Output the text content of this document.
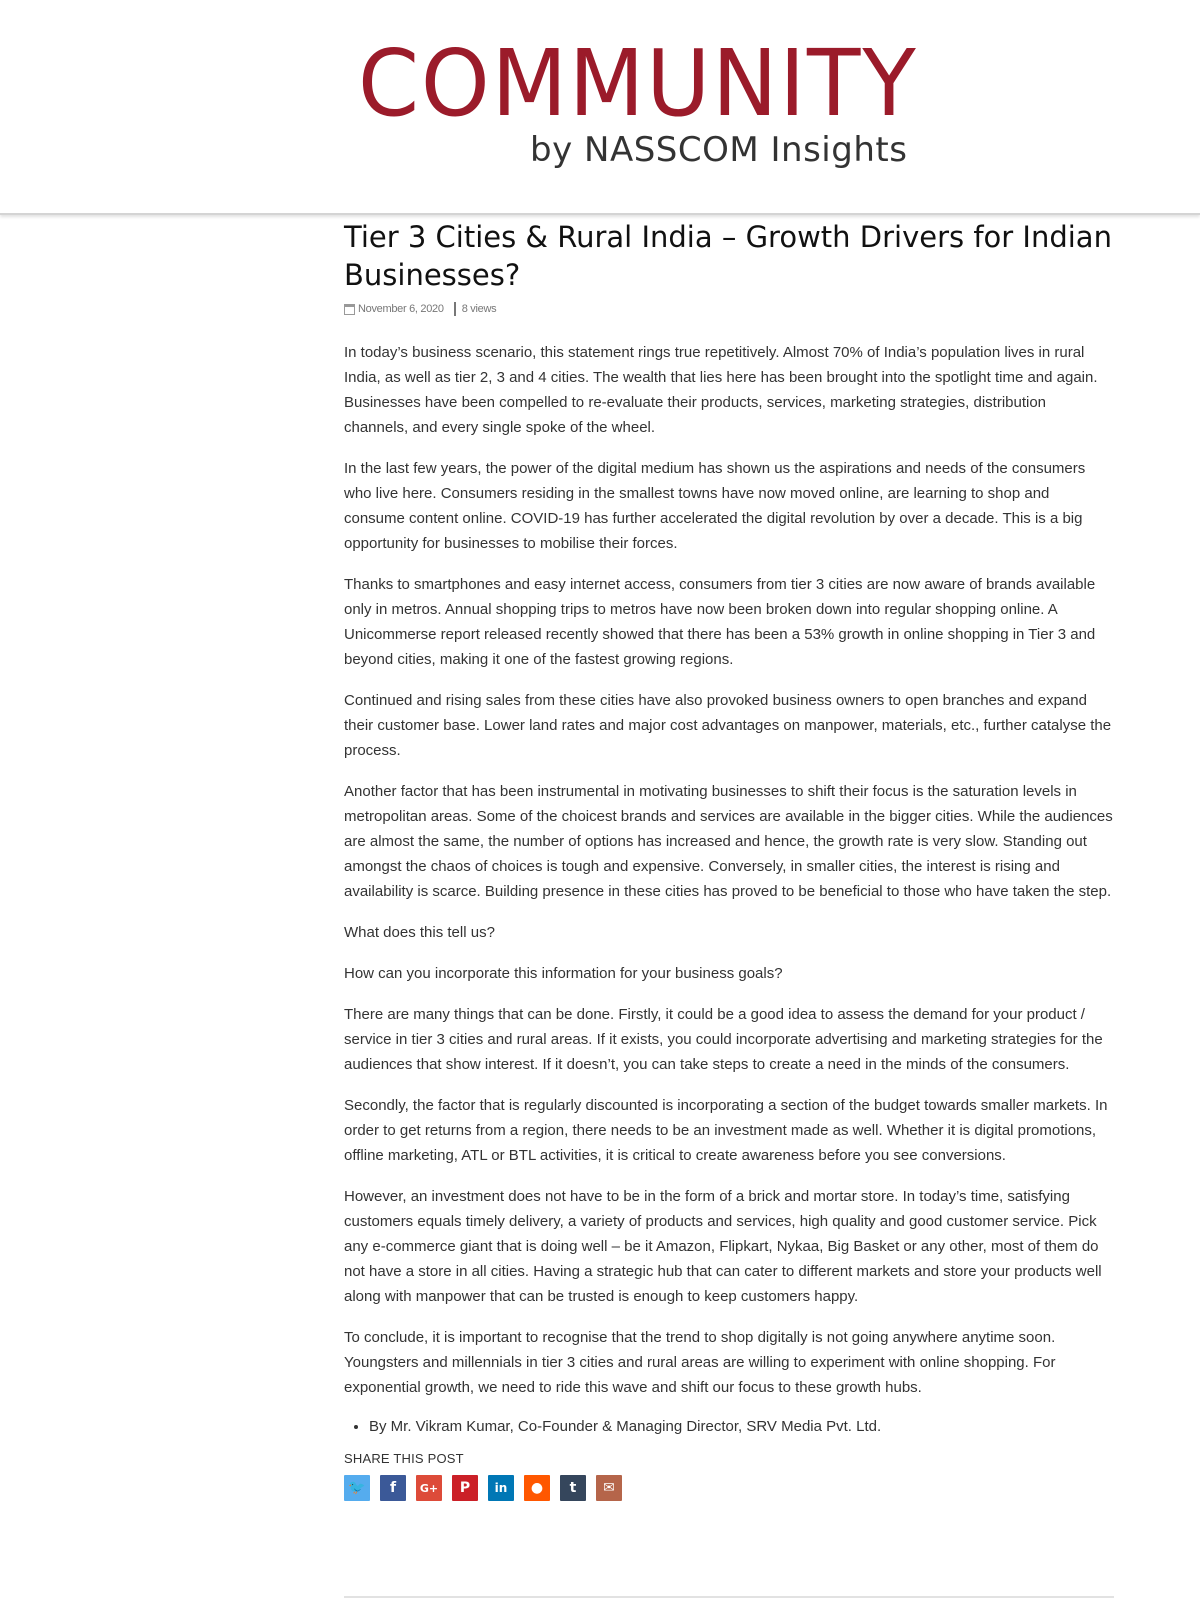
COMMUNITY
by NASSCOM Insights
Tier 3 Cities & Rural India – Growth Drivers for Indian Businesses?
November 6, 2020 8 views

In today’s business scenario, this statement rings true repetitively. Almost 70% of India’s population lives in rural India, as well as tier 2, 3 and 4 cities. The wealth that lies here has been brought into the spotlight time and again. Businesses have been compelled to re-evaluate their products, services, marketing strategies, distribution channels, and every single spoke of the wheel.

In the last few years, the power of the digital medium has shown us the aspirations and needs of the consumers who live here. Consumers residing in the smallest towns have now moved online, are learning to shop and consume content online. COVID-19 has further accelerated the digital revolution by over a decade. This is a big opportunity for businesses to mobilise their forces.

Thanks to smartphones and easy internet access, consumers from tier 3 cities are now aware of brands available only in metros. Annual shopping trips to metros have now been broken down into regular shopping online. A Unicommerse report released recently showed that there has been a 53% growth in online shopping in Tier 3 and beyond cities, making it one of the fastest growing regions.

Continued and rising sales from these cities have also provoked business owners to open branches and expand their customer base. Lower land rates and major cost advantages on manpower, materials, etc., further catalyse the process.

Another factor that has been instrumental in motivating businesses to shift their focus is the saturation levels in metropolitan areas. Some of the choicest brands and services are available in the bigger cities. While the audiences are almost the same, the number of options has increased and hence, the growth rate is very slow. Standing out amongst the chaos of choices is tough and expensive. Conversely, in smaller cities, the interest is rising and availability is scarce. Building presence in these cities has proved to be beneficial to those who have taken the step.

What does this tell us?

How can you incorporate this information for your business goals?

There are many things that can be done. Firstly, it could be a good idea to assess the demand for your product / service in tier 3 cities and rural areas. If it exists, you could incorporate advertising and marketing strategies for the audiences that show interest. If it doesn’t, you can take steps to create a need in the minds of the consumers.

Secondly, the factor that is regularly discounted is incorporating a section of the budget towards smaller markets. In order to get returns from a region, there needs to be an investment made as well. Whether it is digital promotions, offline marketing, ATL or BTL activities, it is critical to create awareness before you see conversions.

However, an investment does not have to be in the form of a brick and mortar store. In today’s time, satisfying customers equals timely delivery, a variety of products and services, high quality and good customer service. Pick any e-commerce giant that is doing well – be it Amazon, Flipkart, Nykaa, Big Basket or any other, most of them do not have a store in all cities. Having a strategic hub that can cater to different markets and store your products well along with manpower that can be trusted is enough to keep customers happy.

To conclude, it is important to recognise that the trend to shop digitally is not going anywhere anytime soon. Youngsters and millennials in tier 3 cities and rural areas are willing to experiment with online shopping. For exponential growth, we need to ride this wave and shift our focus to these growth hubs.

• By Mr. Vikram Kumar, Co-Founder & Managing Director, SRV Media Pvt. Ltd.
SHARE THIS POST
🐦 f G+ P in ● t ✉
